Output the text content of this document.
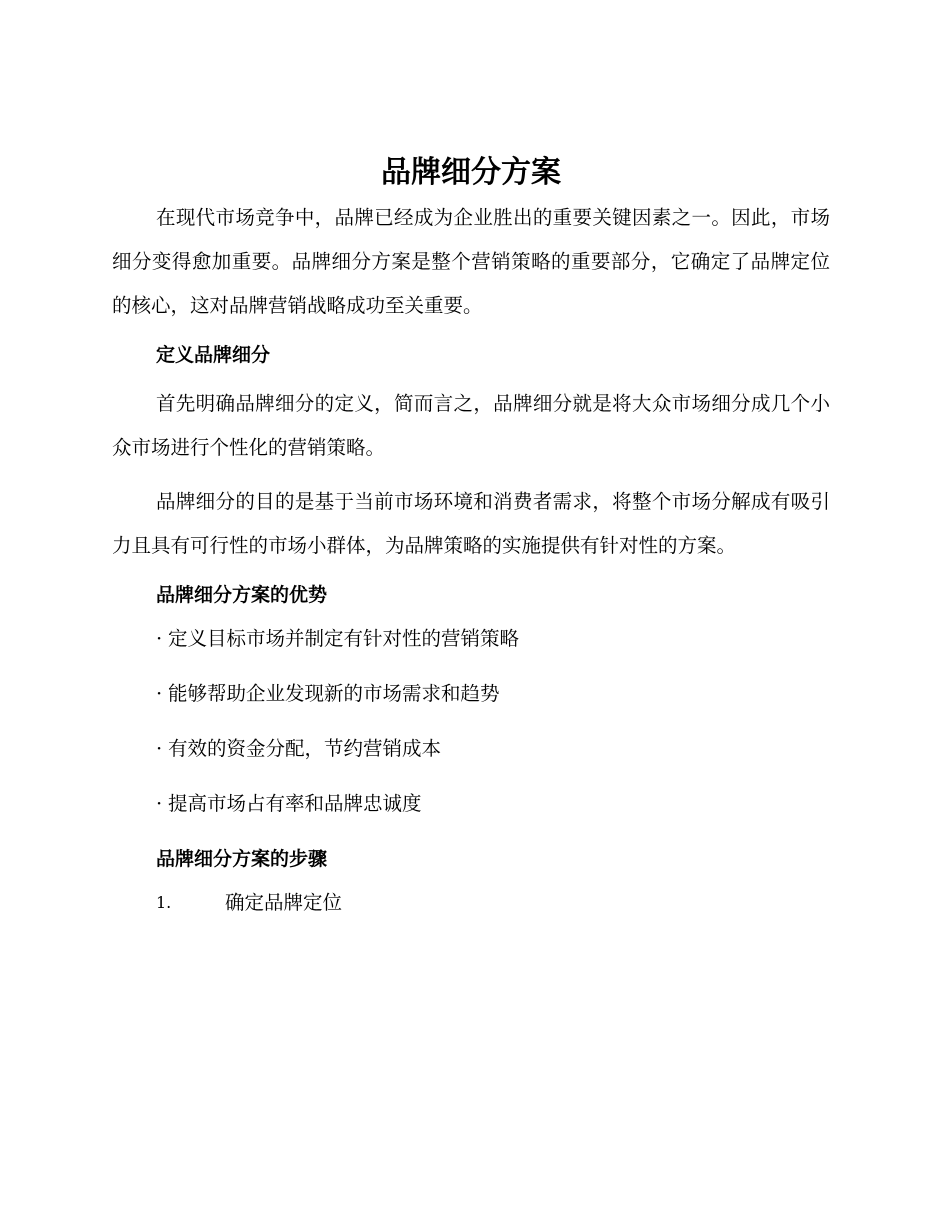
品牌细分方案

在现代市场竞争中，品牌已经成为企业胜出的重要关键因素之一。因此，市场细分变得愈加重要。品牌细分方案是整个营销策略的重要部分，它确定了品牌定位的核心，这对品牌营销战略成功至关重要。

定义品牌细分

首先明确品牌细分的定义，简而言之，品牌细分就是将大众市场细分成几个小众市场进行个性化的营销策略。

品牌细分的目的是基于当前市场环境和消费者需求，将整个市场分解成有吸引力且具有可行性的市场小群体，为品牌策略的实施提供有针对性的方案。

品牌细分方案的优势
· 定义目标市场并制定有针对性的营销策略
· 能够帮助企业发现新的市场需求和趋势
· 有效的资金分配，节约营销成本
· 提高市场占有率和品牌忠诚度
品牌细分方案的步骤
1.	确定品牌定位
